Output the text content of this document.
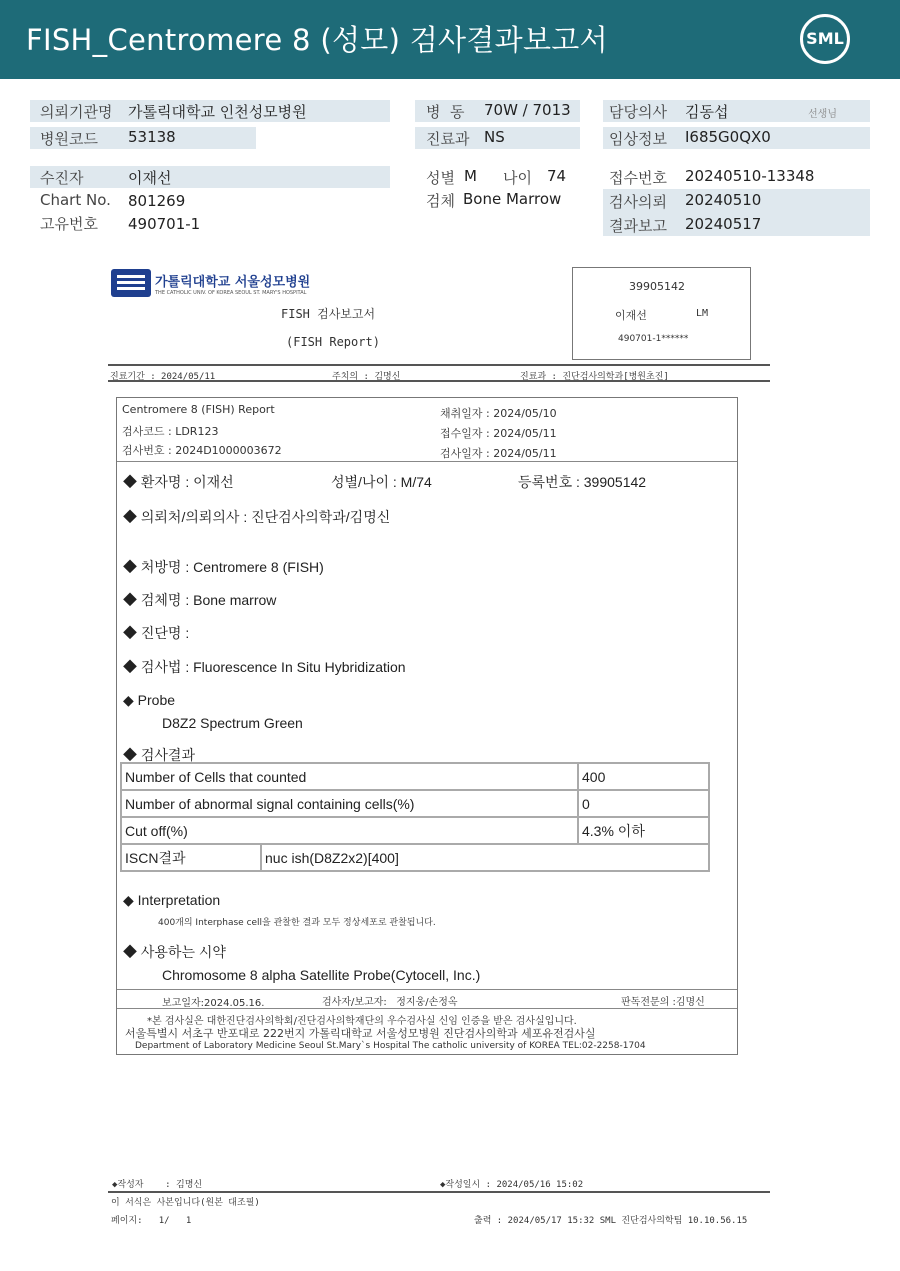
FISH_Centromere 8 (성모) 검사결과보고서	SML
의뢰기관명 가톨릭대학교 인천성모병원
병원코드 53138
병  동 70W / 7013
진료과 NS
담당의사 김동섭	선생님
임상정보 I685G0QX0
수진자	이재선
Chart No. 801269
고유번호 490701-1
성별 M 나이 74
검체 Bone Marrow
접수번호 20240510-13348
검사의뢰 20240510
결과보고 20240517
가톨릭대학교 서울성모병원
THE CATHOLIC UNIV. OF KOREA SEOUL ST. MARY'S HOSPITAL
FISH 검사보고서
(FISH Report)
39905142
이재선	LM
490701-1******
진료기간 : 2024/05/11	주치의 : 김명신	진료과 : 진단검사의학과[병원초진]
Centromere 8 (FISH) Report
검사코드 : LDR123
검사번호 : 2024D1000003672
채취일자 : 2024/05/10
접수일자 : 2024/05/11
검사일자 : 2024/05/11
◆ 환자명 : 이재선	성별/나이 : M/74	등록번호 : 39905142
◆ 의뢰처/의뢰의사 : 진단검사의학과/김명신
◆ 처방명 : Centromere 8 (FISH)
◆ 검체명 : Bone marrow
◆ 진단명 :
◆ 검사법 : Fluorescence In Situ Hybridization
◆ Probe
D8Z2 Spectrum Green
◆ 검사결과
Number of Cells that counted		400
Number of abnormal signal containing cells(%)		0
Cut off(%)		4.3% 이하
ISCN결과	nuc ish(D8Z2x2)[400]	
◆ Interpretation
400개의 Interphase cell을 관찰한 결과 모두 정상세포로 관찰됩니다.
◆ 사용하는 시약
Chromosome 8 alpha Satellite Probe(Cytocell, Inc.)
보고일자:2024.05.16.	검사자/보고자:   정지웅/손정옥	판독전문의 :김명신
*본 검사실은 대한진단검사의학회/진단검사의학재단의 우수검사실 신임 인증을 받은 검사실입니다.
서울특별시 서초구 반포대로 222번지 가톨릭대학교 서울성모병원 진단검사의학과 세포유전검사실
Department of Laboratory Medicine Seoul St.Mary`s Hospital The catholic university of KOREA TEL:02-2258-1704
◆작성자    : 김명신	◆작성일시 : 2024/05/16 15:02
이 서식은 사본입니다(원본 대조필)
페이지:   1/   1	출력 : 2024/05/17 15:32 SML 진단검사의학팀 10.10.56.15
